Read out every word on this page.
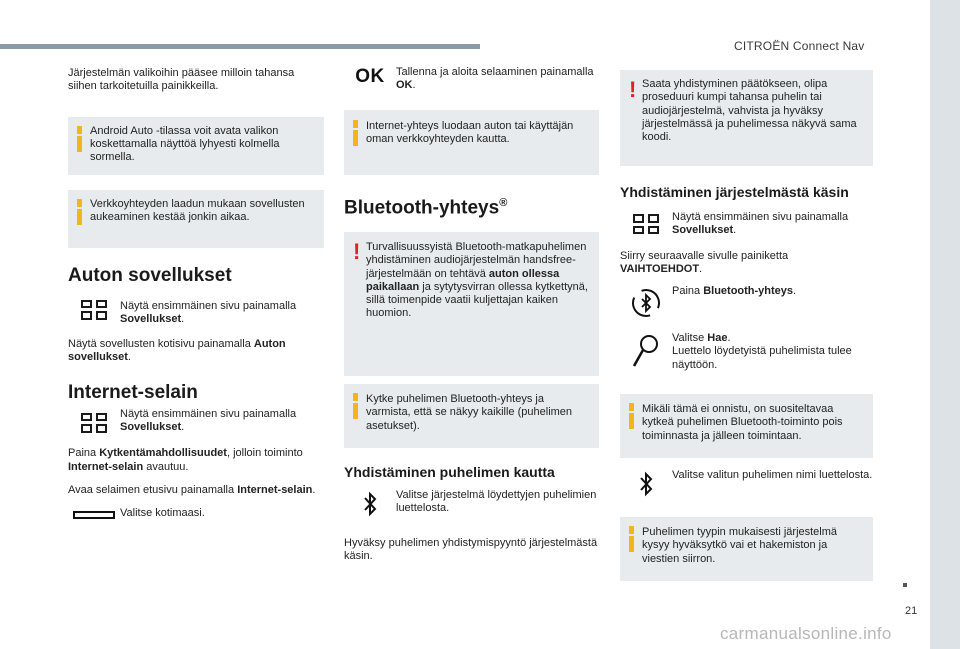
CITROËN Connect Nav

Järjestelmän valikoihin pääsee milloin tahansa siihen tarkoitetuilla painikkeilla.

Android Auto -tilassa voit avata valikon koskettamalla näyttöä lyhyesti kolmella sormella.

Verkkoyhteyden laadun mukaan sovellusten aukeaminen kestää jonkin aikaa.

Auton sovellukset

Näytä ensimmäinen sivu painamalla Sovellukset.

Näytä sovellusten kotisivu painamalla Auton sovellukset.

Internet-selain

Näytä ensimmäinen sivu painamalla Sovellukset.

Paina Kytkentämahdollisuudet, jolloin toiminto Internet-selain avautuu.

Avaa selaimen etusivu painamalla Internet-selain.

Valitse kotimaasi.

OK Tallenna ja aloita selaaminen painamalla OK.

Internet-yhteys luodaan auton tai käyttäjän oman verkkoyhteyden kautta.

Bluetooth-yhteys®
! Turvallisuussyistä Bluetooth-matkapuhelimen yhdistäminen audiojärjestelmän handsfree-järjestelmään on tehtävä auton ollessa paikallaan ja sytytysvirran ollessa kytkettynä, sillä toimenpide vaatii kuljettajan kaiken huomion.

Kytke puhelimen Bluetooth-yhteys ja varmista, että se näkyy kaikille (puhelimen asetukset).

Yhdistäminen puhelimen kautta

Valitse järjestelmä löydettyjen puhelimien luettelosta.

Hyväksy puhelimen yhdistymispyyntö järjestelmästä käsin.

! Saata yhdistyminen päätökseen, olipa proseduuri kumpi tahansa puhelin tai audiojärjestelmä, vahvista ja hyväksy järjestelmässä ja puhelimessa näkyvä sama koodi.

Yhdistäminen järjestelmästä käsin

Näytä ensimmäinen sivu painamalla Sovellukset.

Siirry seuraavalle sivulle painiketta VAIHTOEHDOT.

Paina Bluetooth-yhteys.

Valitse Hae.
Luettelo löydetyistä puhelimista tulee näyttöön.

Mikäli tämä ei onnistu, on suositeltavaa kytkeä puhelimen Bluetooth-toiminto pois toiminnasta ja jälleen toimintaan.

Valitse valitun puhelimen nimi luettelosta.

Puhelimen tyypin mukaisesti järjestelmä kysyy hyväksytkö vai et hakemiston ja viestien siirron.

21
carmanualsonline.info
